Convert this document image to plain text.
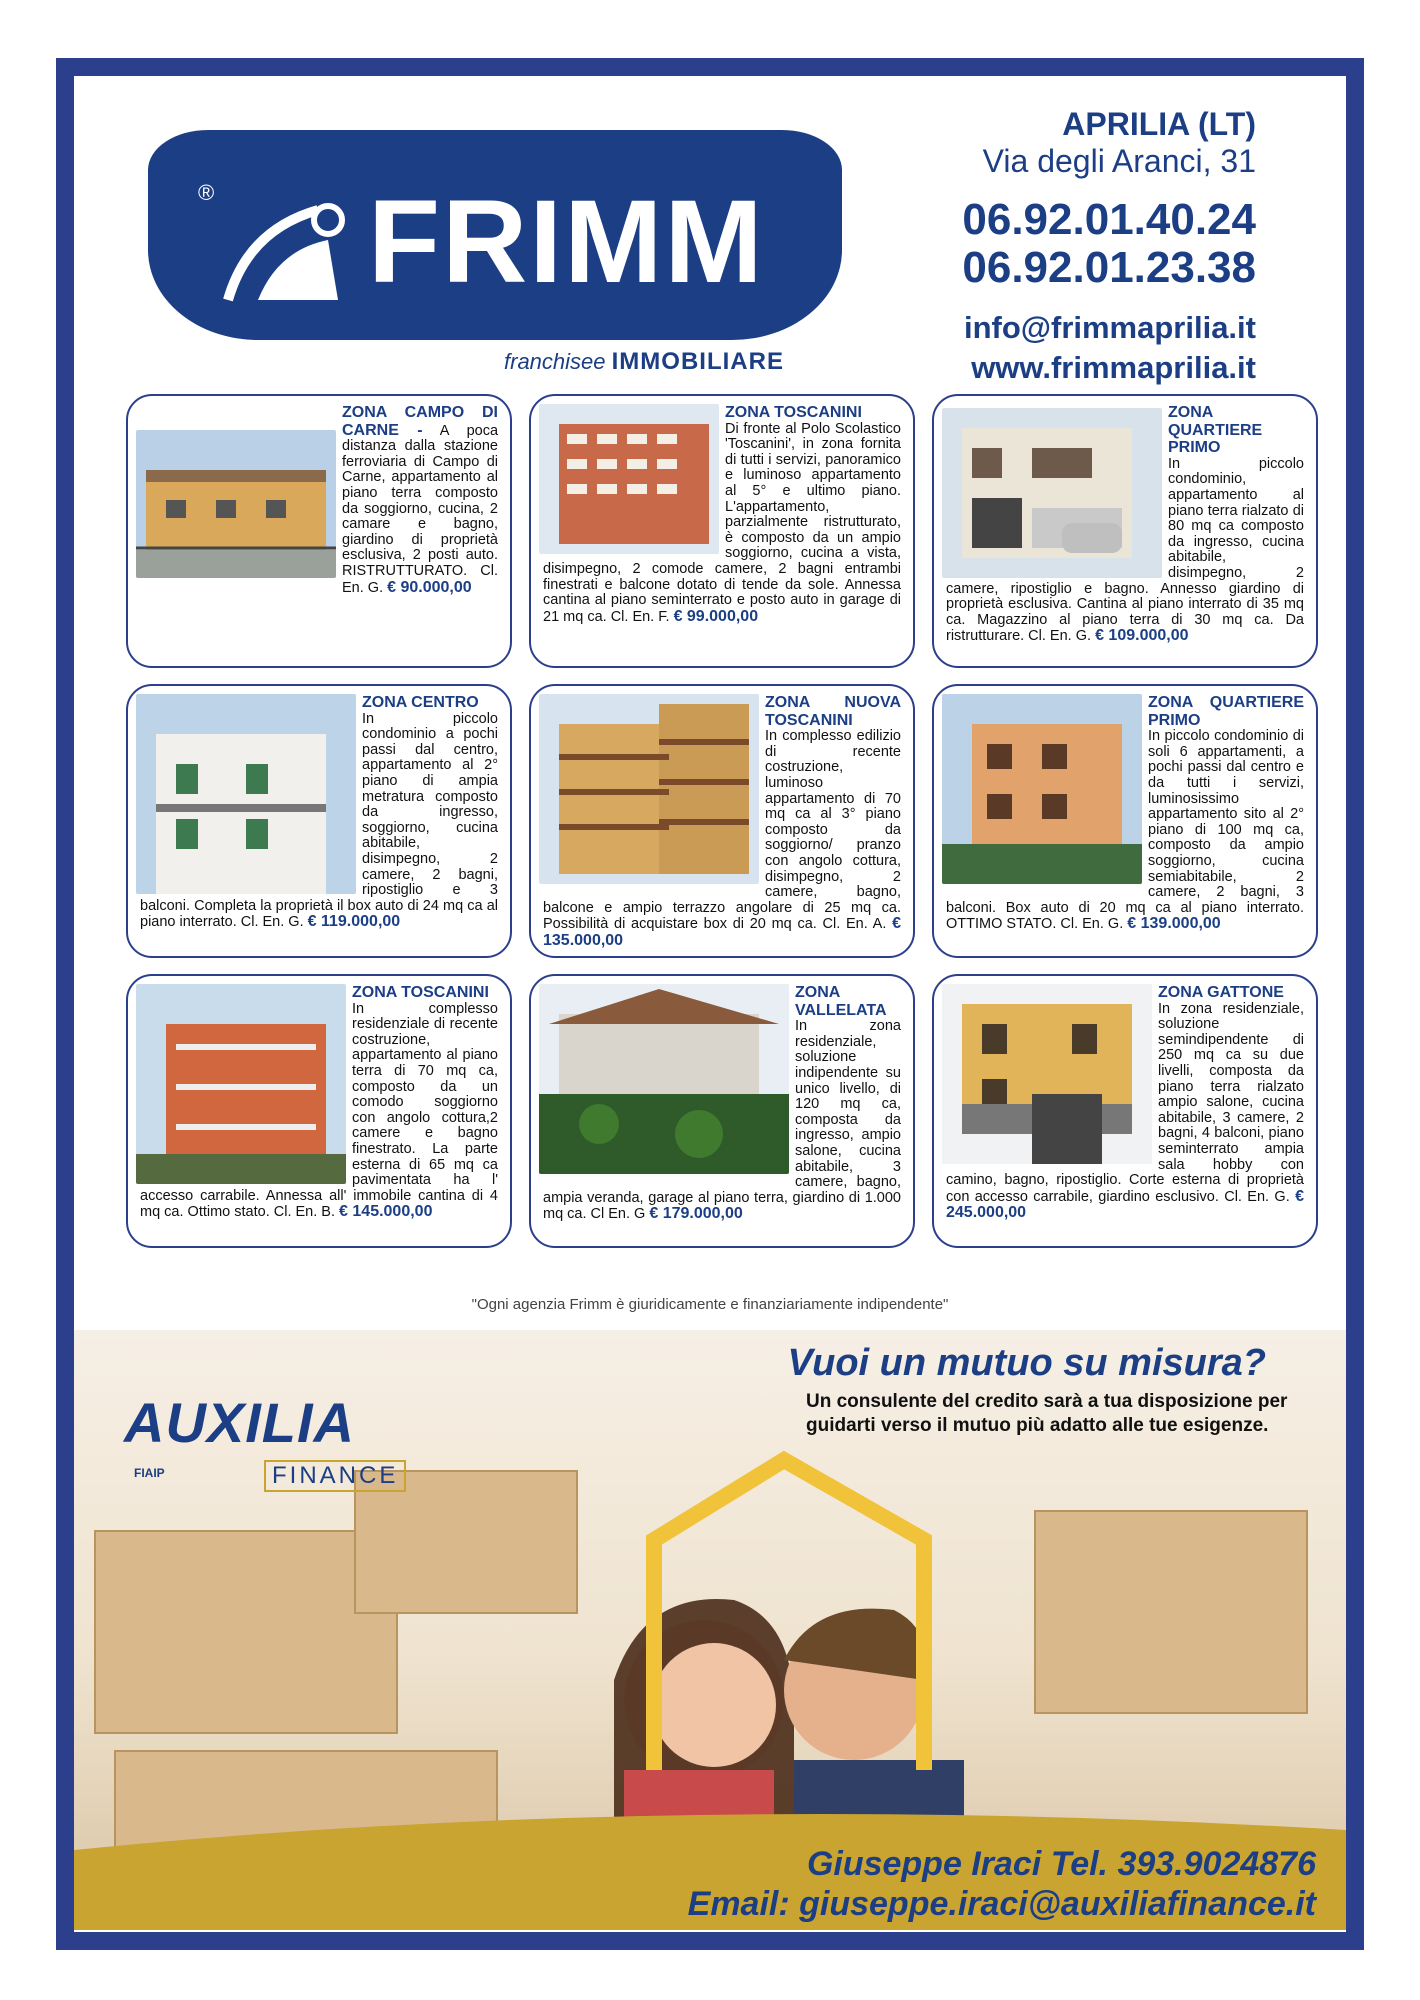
® FRIMM
franchisee IMMOBILIARE
APRILIA (LT)
Via degli Aranci, 31
06.92.01.40.24
06.92.01.23.38
info@frimmaprilia.it
www.frimmaprilia.it
ZONA CAMPO DI CARNE - A poca distanza dalla stazione ferroviaria di Campo di Carne, appartamento al piano terra composto da soggiorno, cucina, 2 camare e bagno, giardino di proprietà esclusiva, 2 posti auto. RISTRUTTURATO. Cl. En. G. € 90.000,00
ZONA TOSCANINI
Di fronte al Polo Scolastico 'Toscanini', in zona fornita di tutti i servizi, panoramico e luminoso appartamento al 5° e ultimo piano. L'appartamento, parzialmente ristrutturato, è composto da un ampio soggiorno, cucina a vista, disimpegno, 2 comode camere, 2 bagni entrambi finestrati e balcone dotato di tende da sole. Annessa cantina al piano seminterrato e posto auto in garage di 21 mq ca. Cl. En. F. € 99.000,00
ZONA QUARTIERE PRIMO
In piccolo condominio, appartamento al piano terra rialzato di 80 mq ca composto da ingresso, cucina abitabile, disimpegno, 2 camere, ripostiglio e bagno. Annesso giardino di proprietà esclusiva. Cantina al piano interrato di 35 mq ca. Magazzino al piano terra di 30 mq ca. Da ristrutturare. Cl. En. G. € 109.000,00
ZONA CENTRO
In piccolo condominio a pochi passi dal centro, appartamento al 2° piano di ampia metratura composto da ingresso, soggiorno, cucina abitabile, disimpegno, 2 camere, 2 bagni, ripostiglio e 3 balconi. Completa la proprietà il box auto di 24 mq ca al piano interrato. Cl. En. G. € 119.000,00
ZONA NUOVA TOSCANINI
In complesso edilizio di recente costruzione, luminoso appartamento di 70 mq ca al 3° piano composto da soggiorno/ pranzo con angolo cottura, disimpegno, 2 camere, bagno, balcone e ampio terrazzo angolare di 25 mq ca. Possibilità di acquistare box di 20 mq ca. Cl. En. A. € 135.000,00
ZONA QUARTIERE PRIMO
In piccolo condominio di soli 6 appartamenti, a pochi passi dal centro e da tutti i servizi, luminosissimo appartamento sito al 2° piano di 100 mq ca, composto da ampio soggiorno, cucina semiabitabile, 2 camere, 2 bagni, 3 balconi. Box auto di 20 mq ca al piano interrato. OTTIMO STATO. Cl. En. G. € 139.000,00
ZONA TOSCANINI
In complesso residenziale di recente costruzione, appartamento al piano terra di 70 mq ca, composto da un comodo soggiorno con angolo cottura,2 camere e bagno finestrato. La parte esterna di 65 mq ca pavimentata ha l' accesso carrabile. Annessa all' immobile cantina di 4 mq ca. Ottimo stato. Cl. En. B. € 145.000,00
ZONA VALLELATA
In zona residenziale, soluzione indipendente su unico livello, di 120 mq ca, composta da ingresso, ampio salone, cucina abitabile, 3 camere, bagno, ampia veranda, garage al piano terra, giardino di 1.000 mq ca. Cl En. G € 179.000,00
ZONA GATTONE
In zona residenziale, soluzione semindipendente di 250 mq ca su due livelli, composta da piano terra rialzato ampio salone, cucina abitabile, 3 camere, 2 bagni, 4 balconi, piano seminterrato ampia sala hobby con camino, bagno, ripostiglio. Corte esterna di proprietà con accesso carrabile, giardino esclusivo. Cl. En. G. € 245.000,00
"Ogni agenzia Frimm è giuridicamente e finanziariamente indipendente"
AUXILIA
FIAIP	FINANCE
Vuoi un mutuo su misura?
Un consulente del credito sarà a tua disposizione per guidarti verso il mutuo più adatto alle tue esigenze.
Giuseppe Iraci Tel. 393.9024876
Email: giuseppe.iraci@auxiliafinance.it
